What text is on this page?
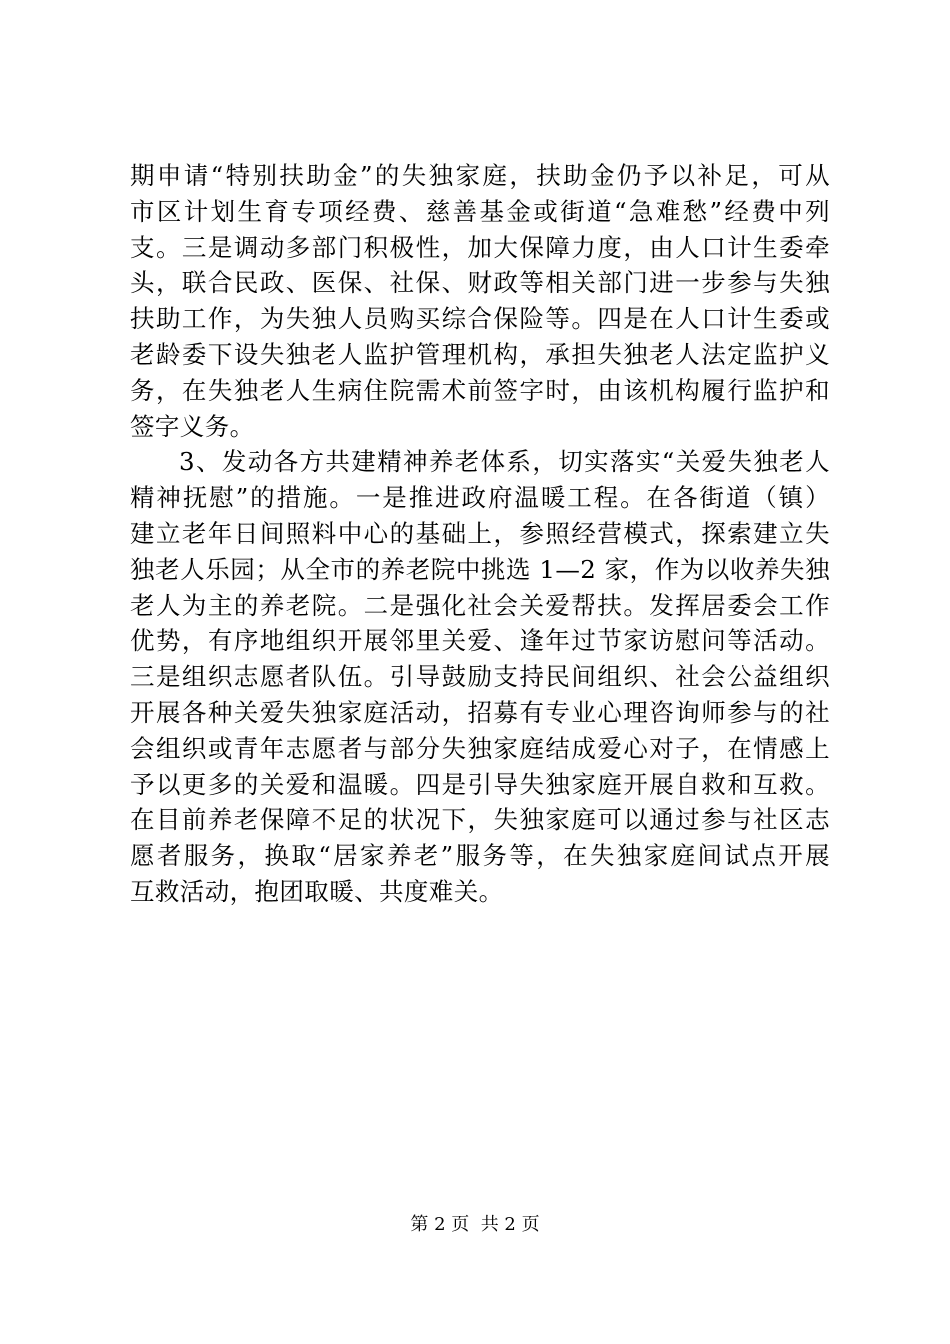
期申请“特别扶助金”的失独家庭，扶助金仍予以补足，可从
市区计划生育专项经费、慈善基金或街道“急难愁”经费中列
支。三是调动多部门积极性，加大保障力度，由人口计生委牵
头，联合民政、医保、社保、财政等相关部门进一步参与失独
扶助工作，为失独人员购买综合保险等。四是在人口计生委或
老龄委下设失独老人监护管理机构，承担失独老人法定监护义
务，在失独老人生病住院需术前签字时，由该机构履行监护和
签字义务。
3、发动各方共建精神养老体系，切实落实“关爱失独老人
精神抚慰”的措施。一是推进政府温暖工程。在各街道（镇）
建立老年日间照料中心的基础上，参照经营模式，探索建立失
独老人乐园；从全市的养老院中挑选 1—2 家，作为以收养失独
老人为主的养老院。二是强化社会关爱帮扶。发挥居委会工作
优势，有序地组织开展邻里关爱、逢年过节家访慰问等活动。
三是组织志愿者队伍。引导鼓励支持民间组织、社会公益组织
开展各种关爱失独家庭活动，招募有专业心理咨询师参与的社
会组织或青年志愿者与部分失独家庭结成爱心对子，在情感上
予以更多的关爱和温暖。四是引导失独家庭开展自救和互救。
在目前养老保障不足的状况下，失独家庭可以通过参与社区志
愿者服务，换取“居家养老”服务等，在失独家庭间试点开展
互救活动，抱团取暖、共度难关。
第 2 页  共 2 页
